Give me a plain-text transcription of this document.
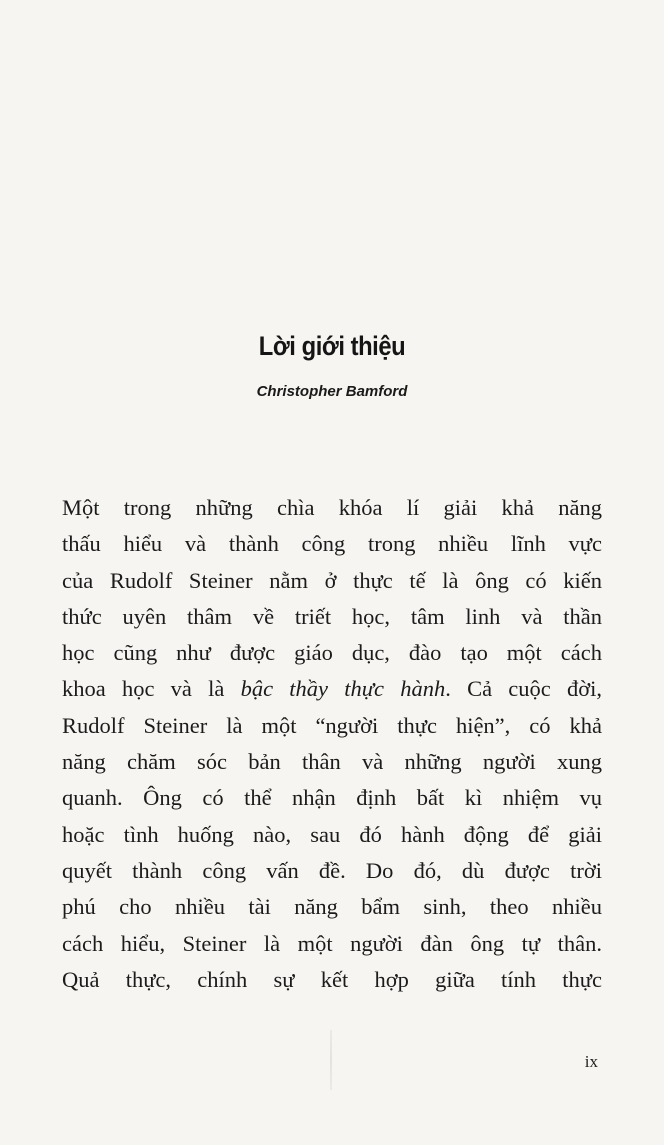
Lời giới thiệu
Christopher Bamford
Một trong những chìa khóa lí giải khả năng
thấu hiểu và thành công trong nhiều lĩnh vực
của Rudolf Steiner nằm ở thực tế là ông có kiến
thức uyên thâm về triết học, tâm linh và thần
học cũng như được giáo dục, đào tạo một cách
khoa học và là bậc thầy thực hành. Cả cuộc đời,
Rudolf Steiner là một “người thực hiện”, có khả
năng chăm sóc bản thân và những người xung
quanh. Ông có thể nhận định bất kì nhiệm vụ
hoặc tình huống nào, sau đó hành động để giải
quyết thành công vấn đề. Do đó, dù được trời
phú cho nhiều tài năng bẩm sinh, theo nhiều
cách hiểu, Steiner là một người đàn ông tự thân.
Quả thực, chính sự kết hợp giữa tính thực
ix
